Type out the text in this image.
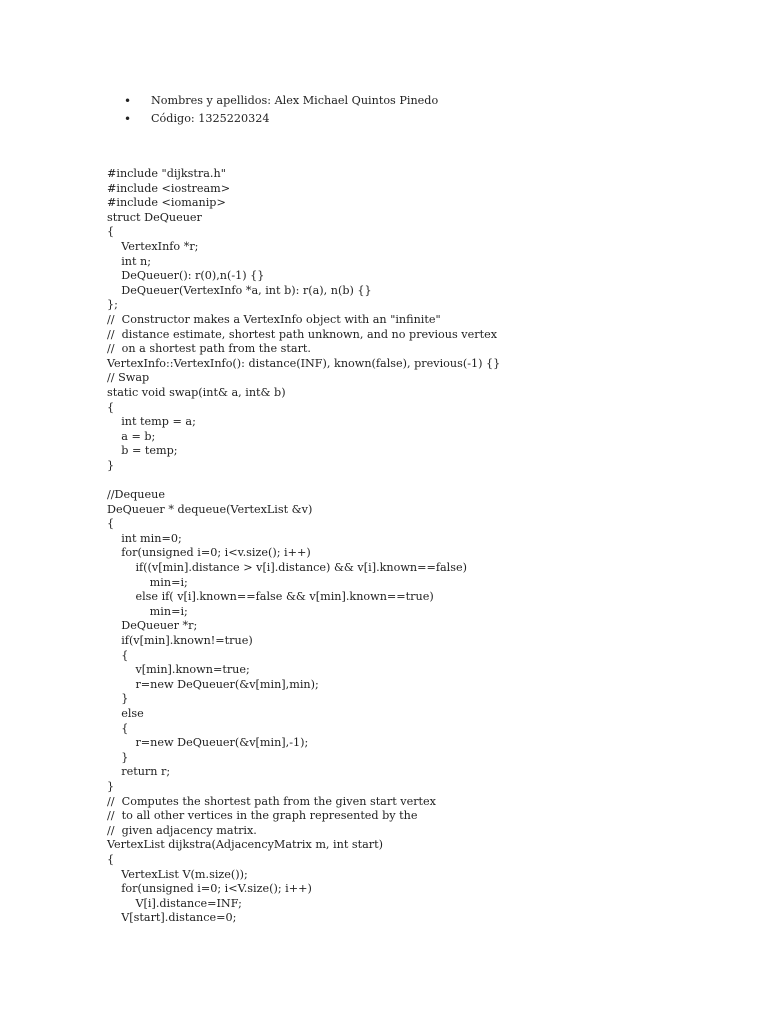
•

	Nombres y apellidos: Alex Michael Quintos Pinedo

•

	Código: 1325220324

#include "dijkstra.h"
#include <iostream>
#include <iomanip>
struct DeQueuer
{
VertexInfo *r;
int n;
DeQueuer(): r(0),n(-1) {}
DeQueuer(VertexInfo *a, int b): r(a), n(b) {}
};
//  Constructor makes a VertexInfo object with an "infinite"
//  distance estimate, shortest path unknown, and no previous vertex
//  on a shortest path from the start.
VertexInfo::VertexInfo(): distance(INF), known(false), previous(-1) {}
// Swap
static void swap(int& a, int& b)
{
int temp = a;
a = b;
b = temp;
}
//Dequeue
DeQueuer * dequeue(VertexList &v)
{
int min=0;
for(unsigned i=0; i<v.size(); i++)
if((v[min].distance > v[i].distance) && v[i].known==false)
min=i;
else if( v[i].known==false && v[min].known==true)
min=i;
DeQueuer *r;
if(v[min].known!=true)
{
v[min].known=true;
r=new DeQueuer(&v[min],min);
}
else
{
r=new DeQueuer(&v[min],-1);
}
return r;
}
//  Computes the shortest path from the given start vertex
//  to all other vertices in the graph represented by the
//  given adjacency matrix.
VertexList dijkstra(AdjacencyMatrix m, int start)
{
VertexList V(m.size());
for(unsigned i=0; i<V.size(); i++)
V[i].distance=INF;
V[start].distance=0;
